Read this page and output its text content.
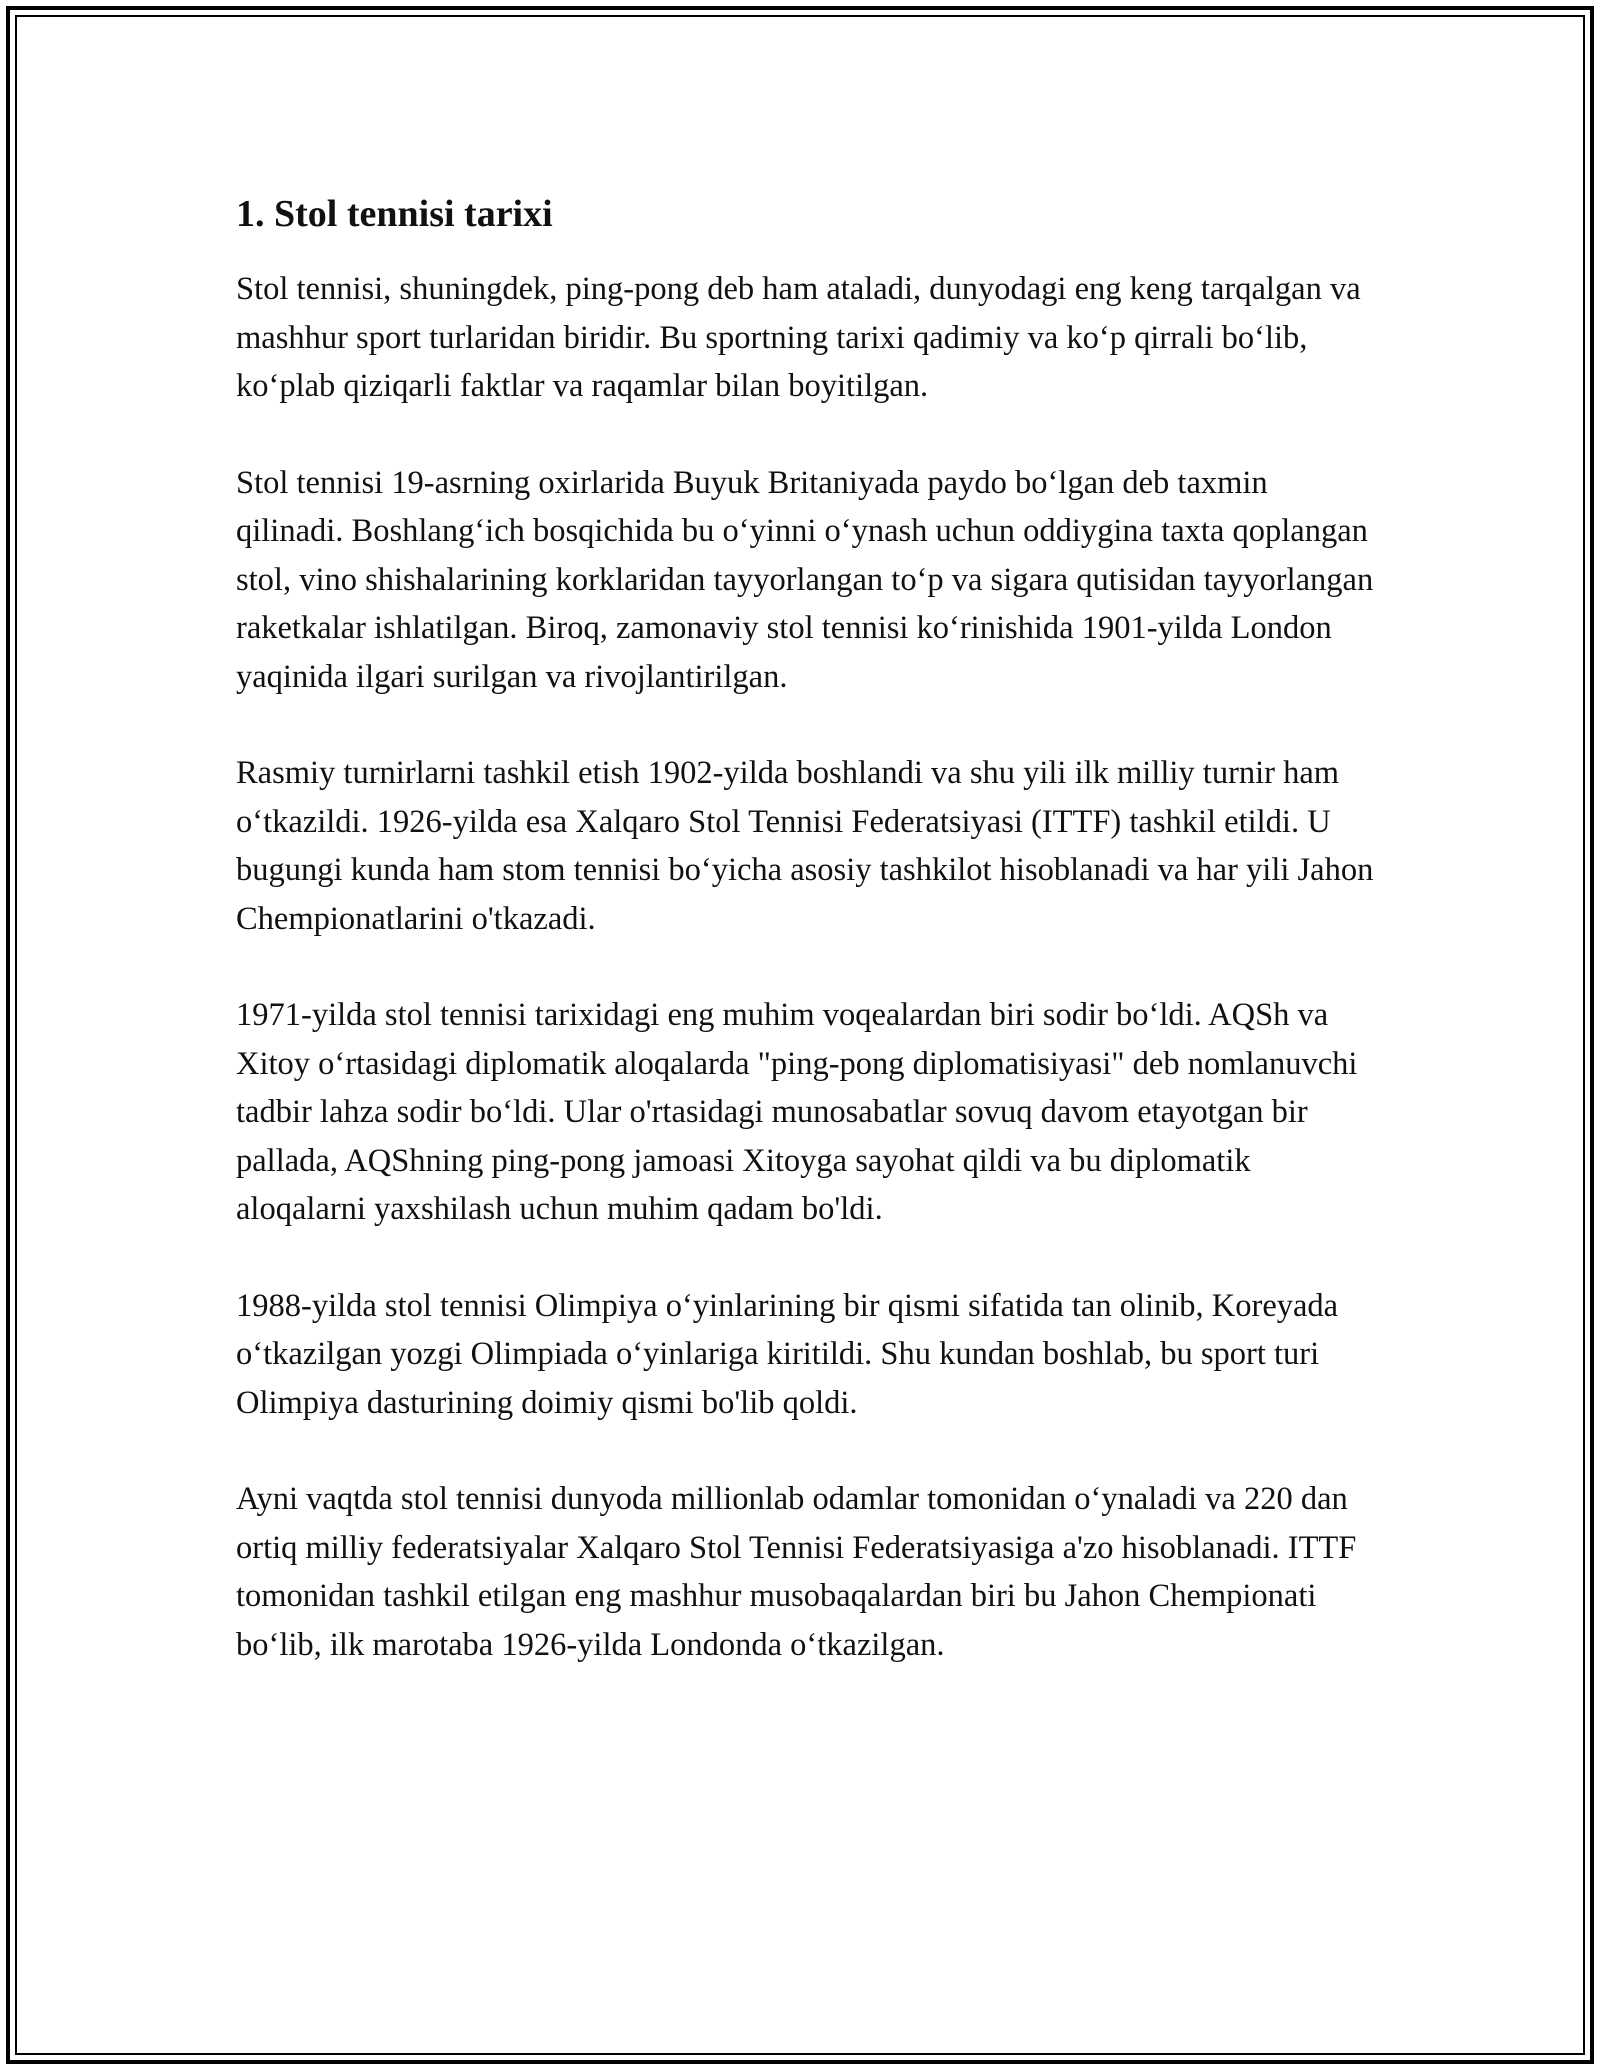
1. Stol tennisi tarixi

Stol tennisi, shuningdek, ping-pong deb ham ataladi, dunyodagi eng keng tarqalgan va mashhur sport turlaridan biridir. Bu sportning tarixi qadimiy va ko‘p qirrali bo‘lib, ko‘plab qiziqarli faktlar va raqamlar bilan boyitilgan.

Stol tennisi 19-asrning oxirlarida Buyuk Britaniyada paydo bo‘lgan deb taxmin qilinadi. Boshlang‘ich bosqichida bu o‘yinni o‘ynash uchun oddiygina taxta qoplangan stol, vino shishalarining korklaridan tayyorlangan to‘p va sigara qutisidan tayyorlangan raketkalar ishlatilgan. Biroq, zamonaviy stol tennisi ko‘rinishida 1901-yilda London yaqinida ilgari surilgan va rivojlantirilgan.

Rasmiy turnirlarni tashkil etish 1902-yilda boshlandi va shu yili ilk milliy turnir ham o‘tkazildi. 1926-yilda esa Xalqaro Stol Tennisi Federatsiyasi (ITTF) tashkil etildi. U bugungi kunda ham stom tennisi bo‘yicha asosiy tashkilot hisoblanadi va har yili Jahon Chempionatlarini o'tkazadi.

1971-yilda stol tennisi tarixidagi eng muhim voqealardan biri sodir bo‘ldi. AQSh va Xitoy o‘rtasidagi diplomatik aloqalarda "ping-pong diplomatisiyasi" deb nomlanuvchi tadbir lahza sodir bo‘ldi. Ular o'rtasidagi munosabatlar sovuq davom etayotgan bir pallada, AQShning ping-pong jamoasi Xitoyga sayohat qildi va bu diplomatik aloqalarni yaxshilash uchun muhim qadam bo'ldi.

1988-yilda stol tennisi Olimpiya o‘yinlarining bir qismi sifatida tan olinib, Koreyada o‘tkazilgan yozgi Olimpiada o‘yinlariga kiritildi. Shu kundan boshlab, bu sport turi Olimpiya dasturining doimiy qismi bo'lib qoldi.

Ayni vaqtda stol tennisi dunyoda millionlab odamlar tomonidan o‘ynaladi va 220 dan ortiq milliy federatsiyalar Xalqaro Stol Tennisi Federatsiyasiga a'zo hisoblanadi. ITTF tomonidan tashkil etilgan eng mashhur musobaqalardan biri bu Jahon Chempionati bo‘lib, ilk marotaba 1926-yilda Londonda o‘tkazilgan.
